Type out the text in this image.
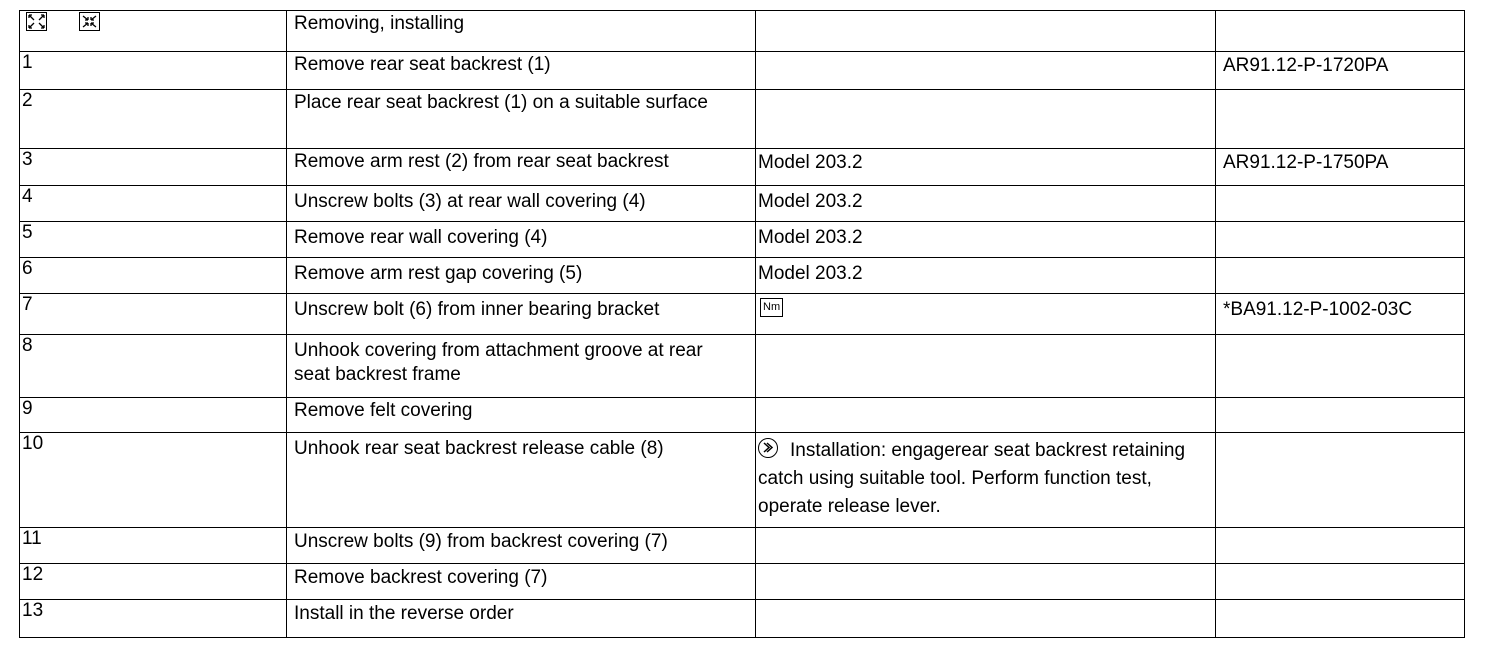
	Removing, installing		

1	Remove rear seat backrest (1)		AR91.12-P-1720PA

2	Place rear seat backrest (1) on a suitable surface		

3	Remove arm rest (2) from rear seat backrest	Model 203.2	AR91.12-P-1750PA

4	Unscrew bolts (3) at rear wall covering (4)	Model 203.2	

5	Remove rear wall covering (4)	Model 203.2	

6	Remove arm rest gap covering (5)	Model 203.2	

7	Unscrew bolt (6) from inner bearing bracket	Nm	*BA91.12-P-1002-03C

8	Unhook covering from attachment groove at rear seat backrest frame		

9	Remove felt covering		

10	Unhook rear seat backrest release cable (8)	Installation: engagerear seat backrest retaining catch using suitable tool. Perform function test, operate release lever.	

11	Unscrew bolts (9) from backrest covering (7)		

12	Remove backrest covering (7)		

13	Install in the reverse order		
